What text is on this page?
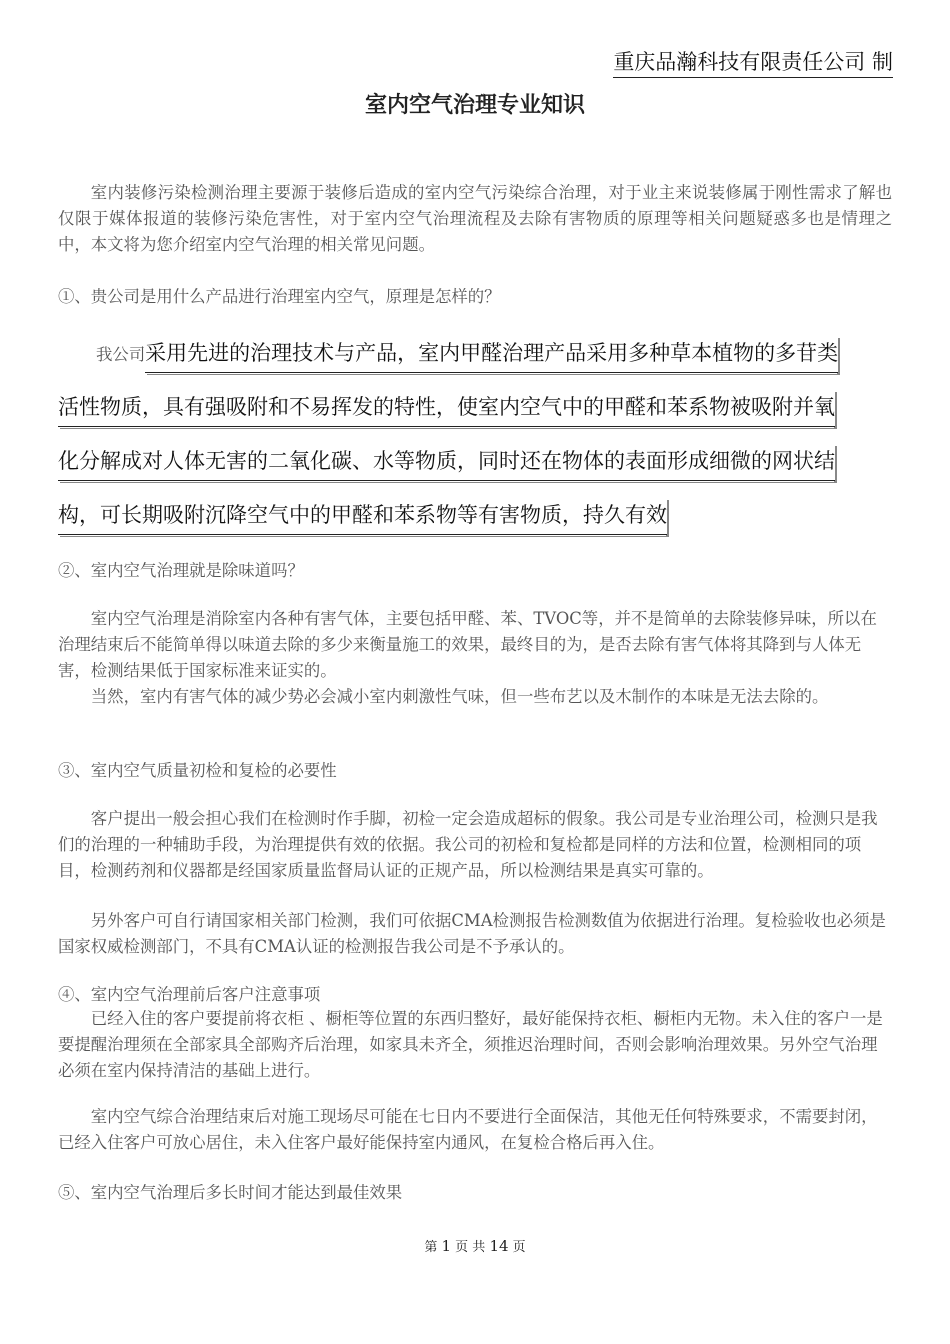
重庆品瀚科技有限责任公司 制
室内空气治理专业知识
室内装修污染检测治理主要源于装修后造成的室内空气污染综合治理，对于业主来说装修属于刚性需求了解也仅限于媒体报道的装修污染危害性，对于室内空气治理流程及去除有害物质的原理等相关问题疑惑多也是情理之中，本文将为您介绍室内空气治理的相关常见问题。
①、贵公司是用什么产品进行治理室内空气，原理是怎样的？
我公司采用先进的治理技术与产品，室内甲醛治理产品采用多种草本植物的多苷类
活性物质，具有强吸附和不易挥发的特性，使室内空气中的甲醛和苯系物被吸附并氧
化分解成对人体无害的二氧化碳、水等物质，同时还在物体的表面形成细微的网状结
构，可长期吸附沉降空气中的甲醛和苯系物等有害物质，持久有效
②、室内空气治理就是除味道吗？
室内空气治理是消除室内各种有害气体，主要包括甲醛、苯、TVOC等，并不是简单的去除装修异味，所以在治理结束后不能简单得以味道去除的多少来衡量施工的效果，最终目的为，是否去除有害气体将其降到与人体无害，检测结果低于国家标准来证实的。
当然，室内有害气体的减少势必会减小室内刺激性气味，但一些布艺以及木制作的本味是无法去除的。
③、室内空气质量初检和复检的必要性
客户提出一般会担心我们在检测时作手脚，初检一定会造成超标的假象。我公司是专业治理公司，检测只是我们的治理的一种辅助手段，为治理提供有效的依据。我公司的初检和复检都是同样的方法和位置，检测相同的项目，检测药剂和仪器都是经国家质量监督局认证的正规产品，所以检测结果是真实可靠的。
另外客户可自行请国家相关部门检测，我们可依据CMA检测报告检测数值为依据进行治理。复检验收也必须是国家权威检测部门，不具有CMA认证的检测报告我公司是不予承认的。
④、室内空气治理前后客户注意事项
已经入住的客户要提前将衣柜 、橱柜等位置的东西归整好，最好能保持衣柜、橱柜内无物。未入住的客户一是要提醒治理须在全部家具全部购齐后治理，如家具未齐全，须推迟治理时间，否则会影响治理效果。另外空气治理必须在室内保持清洁的基础上进行。
室内空气综合治理结束后对施工现场尽可能在七日内不要进行全面保洁，其他无任何特殊要求，不需要封闭，已经入住客户可放心居住，未入住客户最好能保持室内通风，在复检合格后再入住。
⑤、室内空气治理后多长时间才能达到最佳效果
第 1 页 共 14 页
